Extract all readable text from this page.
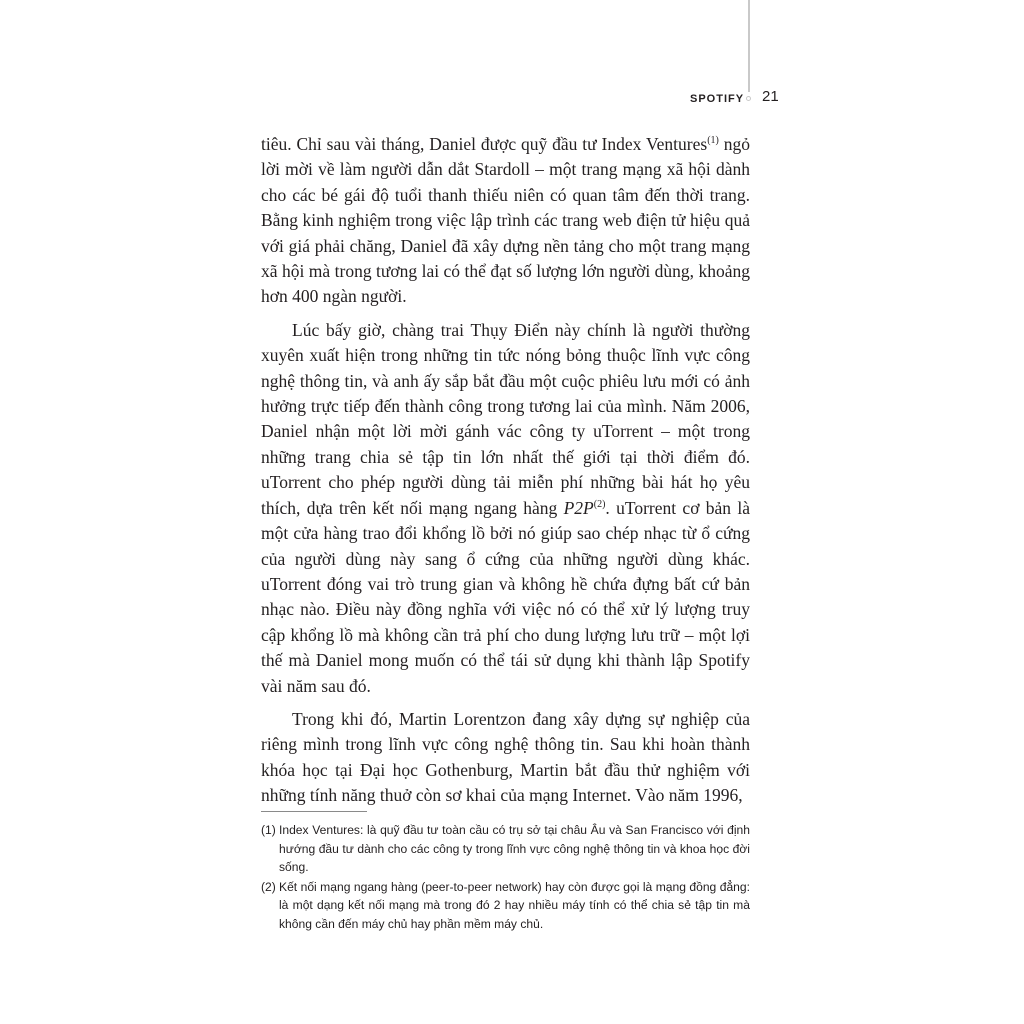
SPOTIFY 21

tiêu. Chỉ sau vài tháng, Daniel được quỹ đầu tư Index Ventures$^{(1)}$ ngỏ lời mời về làm người dẫn dắt Stardoll – một trang mạng xã hội dành cho các bé gái độ tuổi thanh thiếu niên có quan tâm đến thời trang. Bằng kinh nghiệm trong việc lập trình các trang web điện tử hiệu quả với giá phải chăng, Daniel đã xây dựng nền tảng cho một trang mạng xã hội mà trong tương lai có thể đạt số lượng lớn người dùng, khoảng hơn 400 ngàn người.

Lúc bấy giờ, chàng trai Thụy Điển này chính là người thường xuyên xuất hiện trong những tin tức nóng bỏng thuộc lĩnh vực công nghệ thông tin, và anh ấy sắp bắt đầu một cuộc phiêu lưu mới có ảnh hưởng trực tiếp đến thành công trong tương lai của mình. Năm 2006, Daniel nhận một lời mời gánh vác công ty uTorrent – một trong những trang chia sẻ tập tin lớn nhất thế giới tại thời điểm đó. uTorrent cho phép người dùng tải miễn phí những bài hát họ yêu thích, dựa trên kết nối mạng ngang hàng $P2P^{(2)}$. uTorrent cơ bản là một cửa hàng trao đổi khổng lồ bởi nó giúp sao chép nhạc từ ổ cứng của người dùng này sang ổ cứng của những người dùng khác. uTorrent đóng vai trò trung gian và không hề chứa đựng bất cứ bản nhạc nào. Điều này đồng nghĩa với việc nó có thể xử lý lượng truy cập khổng lồ mà không cần trả phí cho dung lượng lưu trữ – một lợi thế mà Daniel mong muốn có thể tái sử dụng khi thành lập Spotify vài năm sau đó.

Trong khi đó, Martin Lorentzon đang xây dựng sự nghiệp của riêng mình trong lĩnh vực công nghệ thông tin. Sau khi hoàn thành khóa học tại Đại học Gothenburg, Martin bắt đầu thử nghiệm với những tính năng thuở còn sơ khai của mạng Internet. Vào năm 1996,

(1) Index Ventures: là quỹ đầu tư toàn cầu có trụ sở tại châu Âu và San Francisco với định hướng đầu tư dành cho các công ty trong lĩnh vực công nghệ thông tin và khoa học đời sống.
(2) Kết nối mạng ngang hàng (peer-to-peer network) hay còn được gọi là mạng đồng đẳng: là một dạng kết nối mạng mà trong đó 2 hay nhiều máy tính có thể chia sẻ tập tin mà không cần đến máy chủ hay phần mềm máy chủ.
